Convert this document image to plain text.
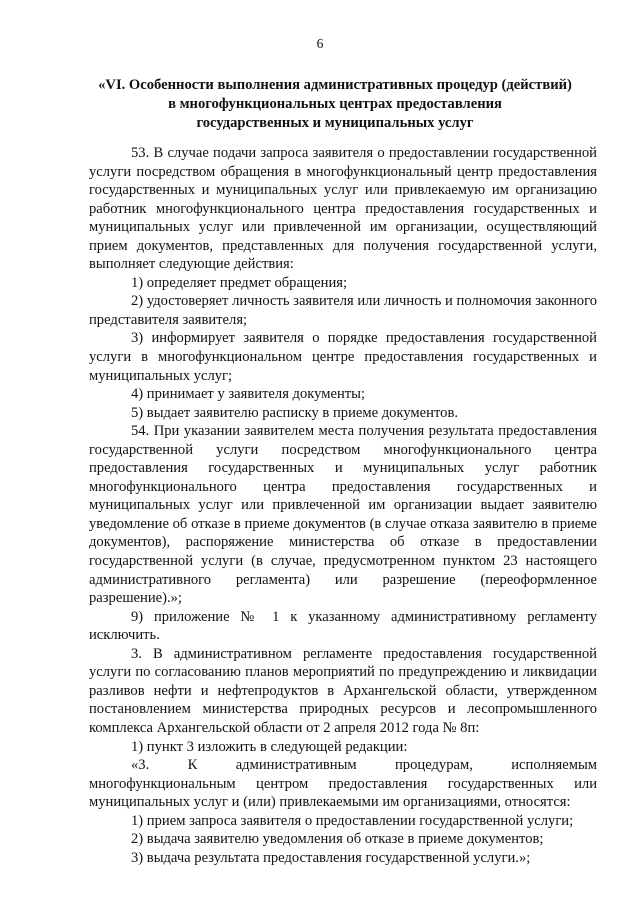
6
«VI. Особенности выполнения административных процедур (действий)
в многофункциональных центрах предоставления
государственных и муниципальных услуг

53. В случае подачи запроса заявителя о предоставлении государственной услуги посредством обращения в многофункциональный центр предоставления государственных и муниципальных услуг или привлекаемую им организацию работник многофункционального центра предоставления государственных и муниципальных услуг или привлеченной им организации, осуществляющий прием документов, представленных для получения государственной услуги, выполняет следующие действия:

1) определяет предмет обращения;

2) удостоверяет личность заявителя или личность и полномочия законного представителя заявителя;

3) информирует заявителя о порядке предоставления государственной услуги в многофункциональном центре предоставления государственных и муниципальных услуг;

4) принимает у заявителя документы;

5) выдает заявителю расписку в приеме документов.

54. При указании заявителем места получения результата предоставления государственной услуги посредством многофункционального центра предоставления государственных и муниципальных услуг работник многофункционального центра предоставления государственных и муниципальных услуг или привлеченной им организации выдает заявителю уведомление об отказе в приеме документов (в случае отказа заявителю в приеме документов), распоряжение министерства об отказе в предоставлении государственной услуги (в случае, предусмотренном пунктом 23 настоящего административного регламента) или разрешение (переоформленное разрешение).»;

9) приложение № 1 к указанному административному регламенту исключить.

3. В административном регламенте предоставления государственной услуги по согласованию планов мероприятий по предупреждению и ликвидации разливов нефти и нефтепродуктов в Архангельской области, утвержденном постановлением министерства природных ресурсов и лесопромышленного комплекса Архангельской области от 2 апреля 2012 года № 8п:

1) пункт 3 изложить в следующей редакции:

«3. К административным процедурам, исполняемым многофункциональным центром предоставления государственных или муниципальных услуг и (или) привлекаемыми им организациями, относятся:

1) прием запроса заявителя о предоставлении государственной услуги;

2) выдача заявителю уведомления об отказе в приеме документов;

3) выдача результата предоставления государственной услуги.»;
